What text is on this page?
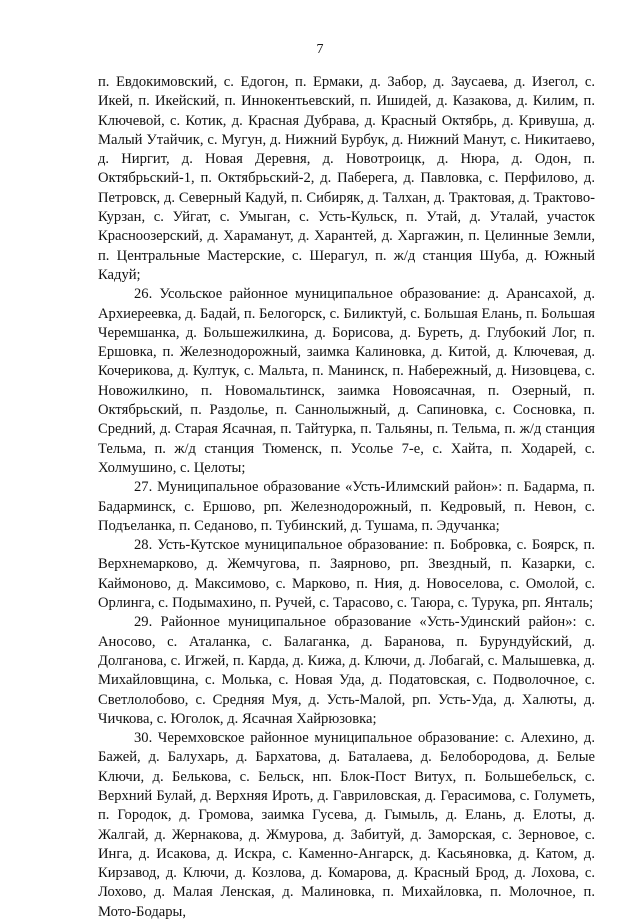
7

п. Евдокимовский, с. Едогон, п. Ермаки, д. Забор, д. Заусаева, д. Изегол, с. Икей, п. Икейский, п. Иннокентьевский, п. Ишидей, д. Казакова, д. Килим, п. Ключевой, с. Котик, д. Красная Дубрава, д. Красный Октябрь, д. Кривуша, д. Малый Утайчик, с. Мугун, д. Нижний Бурбук, д. Нижний Манут, с. Никитаево, д. Ниргит, д. Новая Деревня, д. Новотроицк, д. Нюра, д. Одон, п. Октябрьский-1, п. Октябрьский-2, д. Паберега, д. Павловка, с. Перфилово, д. Петровск, д. Северный Кадуй, п. Сибиряк, д. Талхан, д. Трактовая, д. Трактово-Курзан, с. Уйгат, с. Умыган, с. Усть-Кульск, п. Утай, д. Уталай, участок Красноозерский, д. Хараманут, д. Харантей, д. Харгажин, п. Целинные Земли, п. Центральные Мастерские, с. Шерагул, п. ж/д станция Шуба, д. Южный Кадуй;

26. Усольское районное муниципальное образование: д. Арансахой, д. Архиереевка, д. Бадай, п. Белогорск, с. Биликтуй, с. Большая Елань, п. Большая Черемшанка, д. Большежилкина, д. Борисова, д. Буреть, д. Глубокий Лог, п. Ершовка, п. Железнодорожный, заимка Калиновка, д. Китой, д. Ключевая, д. Кочерикова, д. Култук, с. Мальта, п. Манинск, п. Набережный, д. Низовцева, с. Новожилкино, п. Новомальтинск, заимка Новоясачная, п. Озерный, п. Октябрьский, п. Раздолье, п. Саннолыжный, д. Сапиновка, с. Сосновка, п. Средний, д. Старая Ясачная, п. Тайтурка, п. Тальяны, п. Тельма, п. ж/д станция Тельма, п. ж/д станция Тюменск, п. Усолье 7-е, с. Хайта, п. Ходарей, с. Холмушино, с. Целоты;

27. Муниципальное образование «Усть-Илимский район»: п. Бадарма, п. Бадарминск, с. Ершово, рп. Железнодорожный, п. Кедровый, п. Невон, с. Подъеланка, п. Седаново, п. Тубинский, д. Тушама, п. Эдучанка;

28. Усть-Кутское муниципальное образование: п. Бобровка, с. Боярск, п. Верхнемарково, д. Жемчугова, п. Заярново, рп. Звездный, п. Казарки, с. Каймоново, д. Максимово, с. Марково, п. Ния, д. Новоселова, с. Омолой, с. Орлинга, с. Подымахино, п. Ручей, с. Тарасово, с. Таюра, с. Турука, рп. Янталь;

29. Районное муниципальное образование «Усть-Удинский район»: с. Аносово, с. Аталанка, с. Балаганка, д. Баранова, п. Бурундуйский, д. Долганова, с. Игжей, п. Карда, д. Кижа, д. Ключи, д. Лобагай, с. Малышевка, д. Михайловщина, с. Молька, с. Новая Уда, д. Податовская, с. Подволочное, с. Светлолобово, с. Средняя Муя, д. Усть-Малой, рп. Усть-Уда, д. Халюты, д. Чичкова, с. Юголок, д. Ясачная Хайрюзовка;

30. Черемховское районное муниципальное образование: с. Алехино, д. Бажей, д. Балухарь, д. Бархатова, д. Баталаева, д. Белобородова, д. Белые Ключи, д. Белькова, с. Бельск, нп. Блок-Пост Витух, п. Большебельск, с. Верхний Булай, д. Верхняя Ироть, д. Гавриловская, д. Герасимова, с. Голуметь, п. Городок, д. Громова, заимка Гусева, д. Гымыль, д. Елань, д. Елоты, д. Жалгай, д. Жернакова, д. Жмурова, д. Забитуй, д. Заморская, с. Зерновое, с. Инга, д. Исакова, д. Искра, с. Каменно-Ангарск, д. Касьяновка, д. Катом, д. Кирзавод, д. Ключи, д. Козлова, д. Комарова, д. Красный Брод, д. Лохова, с. Лохово, д. Малая Ленская, д. Малиновка, п. Михайловка, п. Молочное, п. Мото-Бодары,
